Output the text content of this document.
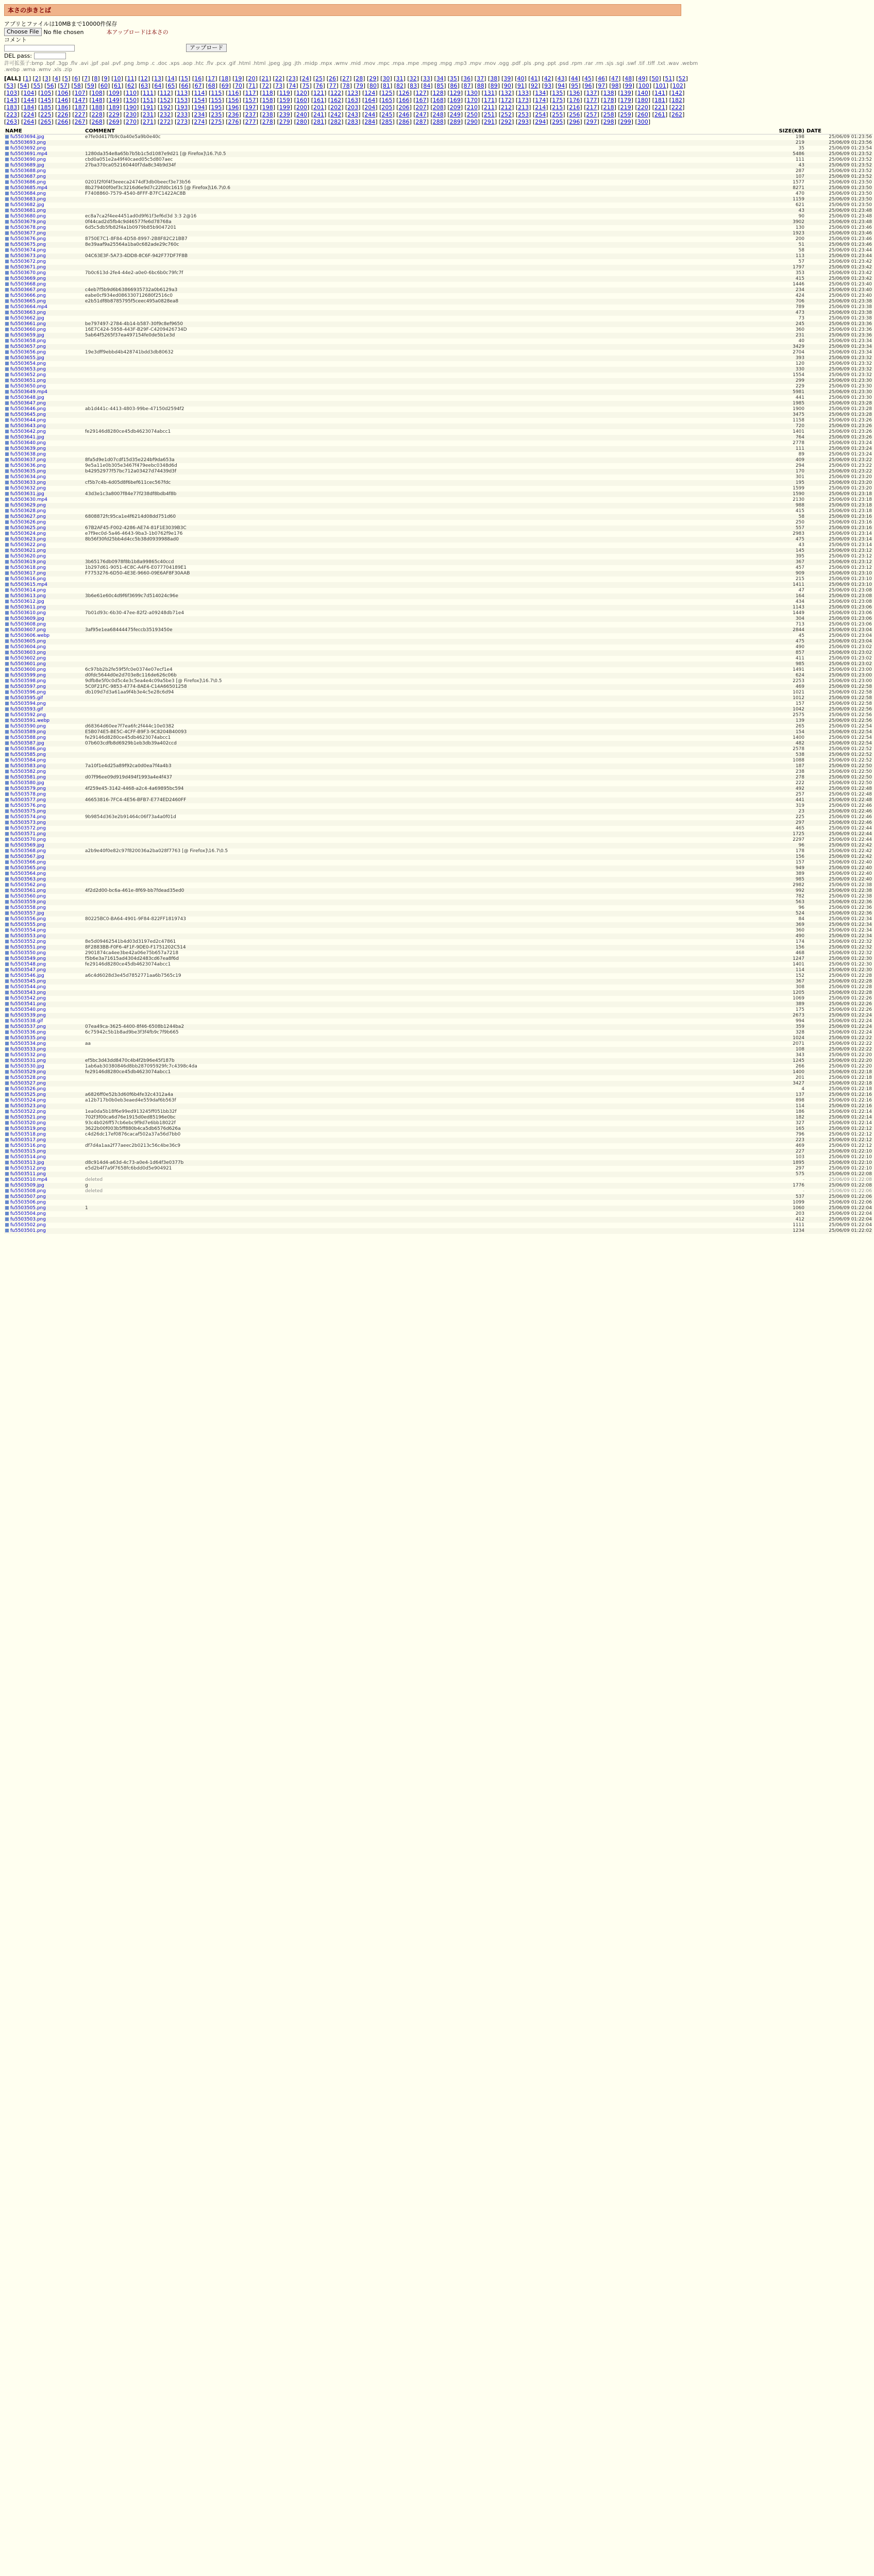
本さの歩きとば
アプリとファイルは10MBまで10000件保存
Choose File No file chosen	本アップロードは本さの
コメント
アップロード
DEL pass:
許可拡張子:bmp .bpf .3gp .flv .avi .jpf .pal .pvf .png .bmp .c .doc .xps .aop .htc .flv .pcx .gif .html .html .jpeg .jpg .jth .midp .mpx .wmv .mid .mov .mpc .mpa .mpe .mpeg .mpg .mp3 .mpv .mov .ogg .pdf .pls .png .ppt .psd .rpm .rar .rm .sjs .sgi .swf .tif .tiff .txt .wav .webm .webp .wma .wmv .xls .zip
[ALL] [1] [2] [3] [4] [5] [6] [7] [8] [9] [10] [11] [12] [13] [14] [15] [16] [17] [18] [19] [20] [21] [22] [23] [24] [25] [26] [27] [28] [29] [30] [31] [32] [33] [34] [35] [36] [37] [38] [39] [40] [41] [42] [43] [44] [45] [46] [47] [48] [49] [50] [51] [52] [53] [54] [55] [56] [57] [58] [59] [60] [61] [62] [63] [64] [65] [66] [67] [68] [69] [70] [71] [72] [73] [74] [75] [76] [77] [78] [79] [80] [81] [82] [83] [84] [85] [86] [87] [88] [89] [90] [91] [92] [93] [94] [95] [96] [97] [98] [99] [100] [101] [102] [103] [104] [105] [106] [107] [108] [109] [110] [111] [112] [113] [114] [115] [116] [117] [118] [119] [120] [121] [122] [123] [124] [125] [126] [127] [128] [129] [130] [131] [132] [133] [134] [135] [136] [137] [138] [139] [140] [141] [142] [143] [144] [145] [146] [147] [148] [149] [150] [151] [152] [153] [154] [155] [156] [157] [158] [159] [160] [161] [162] [163] [164] [165] [166] [167] [168] [169] [170] [171] [172] [173] [174] [175] [176] [177] [178] [179] [180] [181] [182] [183] [184] [185] [186] [187] [188] [189] [190] [191] [192] [193] [194] [195] [196] [197] [198] [199] [200] [201] [202] [203] [204] [205] [206] [207] [208] [209] [210] [211] [212] [213] [214] [215] [216] [217] [218] [219] [220] [221] [222] [223] [224] [225] [226] [227] [228] [229] [230] [231] [232] [233] [234] [235] [236] [237] [238] [239] [240] [241] [242] [243] [244] [245] [246] [247] [248] [249] [250] [251] [252] [253] [254] [255] [256] [257] [258] [259] [260] [261] [262] [263] [264] [265] [266] [267] [268] [269] [270] [271] [272] [273] [274] [275] [276] [277] [278] [279] [280] [281] [282] [283] [284] [285] [286] [287] [288] [289] [290] [291] [292] [293] [294] [295] [296] [297] [298] [299] [300]
NAME	COMMENT	SIZE(KB)	DATE
fu5503694.jpg	e7fe0d417fb9c0a40e5a9b0e40c	198	25/06/09 01:23:56
fu5503693.png		219	25/06/09 01:23:56
fu5503692.png		35	25/06/09 01:23:54
fu5503691.mp4	1280da354e8a65b7b5b1c5d1087e9d21 [@ Firefox]\16.7\0.5	5486	25/06/09 01:23:52
fu5503690.png	cbd0a051e2a49f40caed05c5d807aec	111	25/06/09 01:23:52
fu5503689.jpg	27ba370ca052160440f7da8c34b9d34f	43	25/06/09 01:23:52
fu5503688.png		287	25/06/09 01:23:52
fu5503687.png		107	25/06/09 01:23:52
fu5503686.png	0201f2f0f4f3eeeca2474df3db0beecf3e73b56	1577	25/06/09 01:23:50
fu5503685.mp4	8b279400f0ef3c3216d6e9d7c22fd0c1615 [@ Firefox]\16.7\0.6	8271	25/06/09 01:23:50
fu5503684.png	F7408860-7579-4540-8FFF-B7FC1422AC8B	470	25/06/09 01:23:50
fu5503683.png		1159	25/06/09 01:23:50
fu5503682.jpg		621	25/06/09 01:23:50
fu5503681.png		43	25/06/09 01:23:48
fu5503680.png	ec8a7ca2f4ee4451ad0d9f61f3ef6d3d 3:3 2@16	90	25/06/09 01:23:48
fu5503679.png	0f44cad2d5fb4c9d46577fe6d78768a	3902	25/06/09 01:23:48
fu5503678.png	6d5c5db5fb82f4a1b0979b85b9047201	130	25/06/09 01:23:46
fu5503677.png		1923	25/06/09 01:23:46
fu5503676.png	8750E7C1-8F84-4D58-8997-2B8F82C21BB7	200	25/06/09 01:23:46
fu5503675.png	8e39aaf9a25564a1ba0c682ade29c760c	51	25/06/09 01:23:46
fu5503674.png		58	25/06/09 01:23:44
fu5503673.png	04C63E3F-5A73-4DD8-8C6F-942F77DF7F8B	113	25/06/09 01:23:44
fu5503672.png		57	25/06/09 01:23:42
fu5503671.png		1797	25/06/09 01:23:42
fu5503670.png	7b0c613d-2fe4-44e2-a0e0-6bc6b0c79fc7f	353	25/06/09 01:23:42
fu5503669.png		415	25/06/09 01:23:42
fu5503668.png		1446	25/06/09 01:23:40
fu5503667.png	c4eb7f5b9d6b63866935732a0b6129a3	234	25/06/09 01:23:40
fu5503666.png	eabe0cf934ed086330712680f2516c0	424	25/06/09 01:23:40
fu5503665.png	e2b51df8b8785795f5ceec495a0828ea8	706	25/06/09 01:23:38
fu5503664.mp4		789	25/06/09 01:23:38
fu5503663.png		473	25/06/09 01:23:38
fu5503662.jpg		73	25/06/09 01:23:38
fu5503661.png	be797497-2784-4b14-b587-30f9c8ef9650	245	25/06/09 01:23:36
fu5503660.png	16E7C424-5958-443F-B29F-C4209426734D	360	25/06/09 01:23:36
fu5503659.jpg	5ab64f5265f37ea497154fe0de5b1e3d	231	25/06/09 01:23:36
fu5503658.png		40	25/06/09 01:23:34
fu5503657.png		3429	25/06/09 01:23:34
fu5503656.png	19e3dff9ebbd4b428741bdd3db80632	2704	25/06/09 01:23:34
fu5503655.jpg		393	25/06/09 01:23:32
fu5503654.png		120	25/06/09 01:23:32
fu5503653.png		330	25/06/09 01:23:32
fu5503652.png		1554	25/06/09 01:23:32
fu5503651.png		299	25/06/09 01:23:30
fu5503650.png		229	25/06/09 01:23:30
fu5503649.mp4		5981	25/06/09 01:23:30
fu5503648.jpg		441	25/06/09 01:23:30
fu5503647.png		1985	25/06/09 01:23:28
fu5503646.png	ab1d441c-4413-4803-99be-47150d2594f2	1900	25/06/09 01:23:28
fu5503645.png		3475	25/06/09 01:23:28
fu5503644.png		1158	25/06/09 01:23:26
fu5503643.png		720	25/06/09 01:23:26
fu5503642.png	fe29146d8280ce45db4623074abcc1	1401	25/06/09 01:23:26
fu5503641.jpg		764	25/06/09 01:23:26
fu5503640.png		2778	25/06/09 01:23:24
fu5503639.png		111	25/06/09 01:23:24
fu5503638.png		89	25/06/09 01:23:24
fu5503637.png	8fa5d9e1d07cdf15d35e224bf9da653a	409	25/06/09 01:23:22
fu5503636.png	9e5a11e0b305e3467f479eebc0348d6d	294	25/06/09 01:23:22
fu5503635.png	b42952977f57bc712a03427d74439d3f	170	25/06/09 01:23:22
fu5503634.png		301	25/06/09 01:23:20
fu5503633.png	cf5b7c4b-4d05d8f6bef611cec567fdc	195	25/06/09 01:23:20
fu5503632.png		1599	25/06/09 01:23:20
fu5503631.jpg	43d3e1c3a8007f84e77f238df8bdb4f8b	1590	25/06/09 01:23:18
fu5503630.mp4		2130	25/06/09 01:23:18
fu5503629.png		988	25/06/09 01:23:18
fu5503628.png		415	25/06/09 01:23:18
fu5503627.png	6808872fc95ca1e4f6214d08dd751d60	58	25/06/09 01:23:16
fu5503626.png		250	25/06/09 01:23:16
fu5503625.png	67B2AF45-F002-4286-AE74-81F1E3039B3C	557	25/06/09 01:23:16
fu5503624.png	e7f9ec0d-5a46-4643-9ba3-1b0762f9e176	2983	25/06/09 01:23:14
fu5503623.png	8b56f30fd25bb4d4cc5b38d0939988ad0	475	25/06/09 01:23:14
fu5503622.png		43	25/06/09 01:23:14
fu5503621.png		145	25/06/09 01:23:12
fu5503620.png		395	25/06/09 01:23:12
fu5503619.png	3b65176db0978f8b1b8a99865c40ccd	367	25/06/09 01:23:12
fu5503618.png	1b297d61-9051-4C8C-A4F6-E077704189E1	457	25/06/09 01:23:12
fu5503617.png	F7753276-6D50-4E3E-9660-09E6AF8F30AAB	909	25/06/09 01:23:10
fu5503616.png		215	25/06/09 01:23:10
fu5503615.mp4		1411	25/06/09 01:23:10
fu5503614.png		47	25/06/09 01:23:08
fu5503613.png	3b6e61e60c4d9f6f3699c7d514024c96e	164	25/06/09 01:23:08
fu5503612.jpg		434	25/06/09 01:23:08
fu5503611.png		1143	25/06/09 01:23:06
fu5503610.png	7b01d93c-6b30-47ee-82f2-a09248db71e4	1449	25/06/09 01:23:06
fu5503609.jpg		304	25/06/09 01:23:06
fu5503608.png		713	25/06/09 01:23:06
fu5503607.png	3af95e1ea68444475feccb35193450e	2844	25/06/09 01:23:04
fu5503606.webp		45	25/06/09 01:23:04
fu5503605.png		475	25/06/09 01:23:04
fu5503604.png		490	25/06/09 01:23:02
fu5503603.png		857	25/06/09 01:23:02
fu5503602.png		411	25/06/09 01:23:02
fu5503601.png		985	25/06/09 01:23:02
fu5503600.png	6c97bb2b2fe59f5fc0e0374e07ecf1e4	1491	25/06/09 01:23:00
fu5503599.png	d0fdc5644d0e2d703e8c116de626c06b	624	25/06/09 01:23:00
fu5503598.png	9dfb8e5f0c0d5c4e3c5ea4e4c09a5be3 [@ Firefox]\16.7\0.5	2253	25/06/09 01:23:00
fu5503597.png	5C0F21FC-9853-4774-8AE4-C14A66501258	469	25/06/09 01:22:58
fu5503596.png	db109d7d3a61aa9f4b3e4c5e28c6d94	1021	25/06/09 01:22:58
fu5503595.gif		1012	25/06/09 01:22:58
fu5503594.png		157	25/06/09 01:22:58
fu5503593.gif		1042	25/06/09 01:22:56
fu5503592.png		2575	25/06/09 01:22:56
fu5503591.webp		139	25/06/09 01:22:56
fu5503590.png	d68364d60ee7f7ea6fc2f444c10e0382	265	25/06/09 01:22:54
fu5503589.png	E5B074E5-BE5C-4CFF-B9F3-9C8204B40093	154	25/06/09 01:22:54
fu5503588.png	fe29146d8280ce45db4623074abcc1	1400	25/06/09 01:22:54
fu5503587.jpg	07b603cdfb8d6929b1eb3db39a402ccd	482	25/06/09 01:22:54
fu5503586.png		2578	25/06/09 01:22:52
fu5503585.png		538	25/06/09 01:22:52
fu5503584.png		1088	25/06/09 01:22:52
fu5503583.png	7a10f1e4d25a89f92ca0d0ea7f4a4b3	187	25/06/09 01:22:50
fu5503582.png		238	25/06/09 01:22:50
fu5503581.png	d07f96ee09d919d494f1993a4e4f437	278	25/06/09 01:22:50
fu5503580.jpg		222	25/06/09 01:22:50
fu5503579.png	4f259e45-3142-4468-a2c4-4a69895bc594	492	25/06/09 01:22:48
fu5503578.png		257	25/06/09 01:22:48
fu5503577.png	46653816-7FC4-4E56-BFB7-E774ED2460FF	441	25/06/09 01:22:48
fu5503576.png		319	25/06/09 01:22:46
fu5503575.png		23	25/06/09 01:22:46
fu5503574.png	9b9854d363e2b91464c06f73a4a0f01d	225	25/06/09 01:22:46
fu5503573.png		297	25/06/09 01:22:46
fu5503572.png		465	25/06/09 01:22:44
fu5503571.png		1725	25/06/09 01:22:44
fu5503570.png		2297	25/06/09 01:22:44
fu5503569.jpg		96	25/06/09 01:22:42
fu5503568.png	a2b9e40f0e82c97f820036a2ba028f7763 [@ Firefox]\16.7\0.5	178	25/06/09 01:22:42
fu5503567.jpg		156	25/06/09 01:22:42
fu5503566.png		157	25/06/09 01:22:40
fu5503565.png		949	25/06/09 01:22:40
fu5503564.png		389	25/06/09 01:22:40
fu5503563.png		985	25/06/09 01:22:40
fu5503562.png		2982	25/06/09 01:22:38
fu5503561.png	4f2d2d00-bc6a-461e-8f69-bb7fdead35ed0	992	25/06/09 01:22:38
fu5503560.png		782	25/06/09 01:22:38
fu5503559.png		563	25/06/09 01:22:36
fu5503558.png		96	25/06/09 01:22:36
fu5503557.jpg		524	25/06/09 01:22:36
fu5503556.png	80225BC0-BA64-4901-9F84-822FF1819743	84	25/06/09 01:22:34
fu5503555.png		369	25/06/09 01:22:34
fu5503554.png		360	25/06/09 01:22:34
fu5503553.png		490	25/06/09 01:22:34
fu5503552.png	8e5d09462541b4d03d3197ed2c47861	174	25/06/09 01:22:32
fu5503551.png	8F2883BB-F0F6-4F1F-9DE0-F1751202C514	156	25/06/09 01:22:32
fu5503550.png	2901874ca4ee3be42a06e75b657a7218	468	25/06/09 01:22:32
fu5503549.png	f5b6e3a71615ad4304d2483cd67ea8f6d	1247	25/06/09 01:22:30
fu5503548.png	fe29146d8280ce45db4623074abcc1	1401	25/06/09 01:22:30
fu5503547.png		114	25/06/09 01:22:30
fu5503546.jpg	a6c4d6028d3e45d7852771aa6b7565c19	152	25/06/09 01:22:28
fu5503545.png		367	25/06/09 01:22:28
fu5503544.png		308	25/06/09 01:22:28
fu5503543.png		1205	25/06/09 01:22:28
fu5503542.png		1069	25/06/09 01:22:26
fu5503541.png		389	25/06/09 01:22:26
fu5503540.png		175	25/06/09 01:22:26
fu5503539.png		2673	25/06/09 01:22:24
fu5503538.gif		994	25/06/09 01:22:24
fu5503537.png	07ea49ca-3625-4400-8f46-6508b1244ba2	359	25/06/09 01:22:24
fu5503536.png	6c75942c5b1b8ad9be3f3f4fb9c7f9b665	328	25/06/09 01:22:24
fu5503535.png		1024	25/06/09 01:22:22
fu5503534.png	aa	2071	25/06/09 01:22:22
fu5503533.png		108	25/06/09 01:22:22
fu5503532.png		343	25/06/09 01:22:20
fu5503531.png	ef5bc3d43dd8470c4b4f2b96e45f187b	1245	25/06/09 01:22:20
fu5503530.jpg	1ab6ab30380846d8bb287095929fc7c4398c4da	266	25/06/09 01:22:20
fu5503529.png	fe29146d8280ce45db4623074abcc1	1400	25/06/09 01:22:18
fu5503528.png		201	25/06/09 01:22:18
fu5503527.png		3427	25/06/09 01:22:18
fu5503526.png		4	25/06/09 01:22:18
fu5503525.png	a6826ff0e52b3d60f6b4fe32c4312a4a	137	25/06/09 01:22:16
fu5503524.png	a12b717b0b0eb3eaed4e559daf6b563f	898	25/06/09 01:22:16
fu5503523.png		114	25/06/09 01:22:16
fu5503522.png	1ea0da5b18f6e99ed913245ff051bb32f	186	25/06/09 01:22:14
fu5503521.png	702f3f00ca6d76e1915d0ed85196e0bc	182	25/06/09 01:22:14
fu5503520.png	93c4b026ff57cb6ebc9f9d7e6bb18022f	327	25/06/09 01:22:14
fu5503519.png	3622b00f003b5ff880b4ca5db6576d626a	165	25/06/09 01:22:12
fu5503518.png	c4d26dc17ef0876cacaf502a37a56d7bb0	796	25/06/09 01:22:12
fu5503517.png		223	25/06/09 01:22:12
fu5503516.png	df7d4a1aa2f77aeec2b0213c56c4be36c9	469	25/06/09 01:22:12
fu5503515.png		227	25/06/09 01:22:10
fu5503514.png		103	25/06/09 01:22:10
fu5503513.jpg	d8c914d4-a63d-4c73-a0e4-1d64f3e0377b	1895	25/06/09 01:22:10
fu5503512.png	e5d2b4f7a9f7658fc6bdd0d5e904921	297	25/06/09 01:22:10
fu5503511.png		575	25/06/09 01:22:08
fu5503510.mp4	deleted	-	25/06/09 01:22:08
fu5503509.jpg	g	1776	25/06/09 01:22:08
fu5503508.png	deleted	-	25/06/09 01:22:06
fu5503507.png		537	25/06/09 01:22:06
fu5503506.png		1099	25/06/09 01:22:06
fu5503505.png	1	1060	25/06/09 01:22:04
fu5503504.png		203	25/06/09 01:22:04
fu5503503.png		412	25/06/09 01:22:04
fu5503502.png		1111	25/06/09 01:22:04
fu5503501.png		1234	25/06/09 01:22:02
